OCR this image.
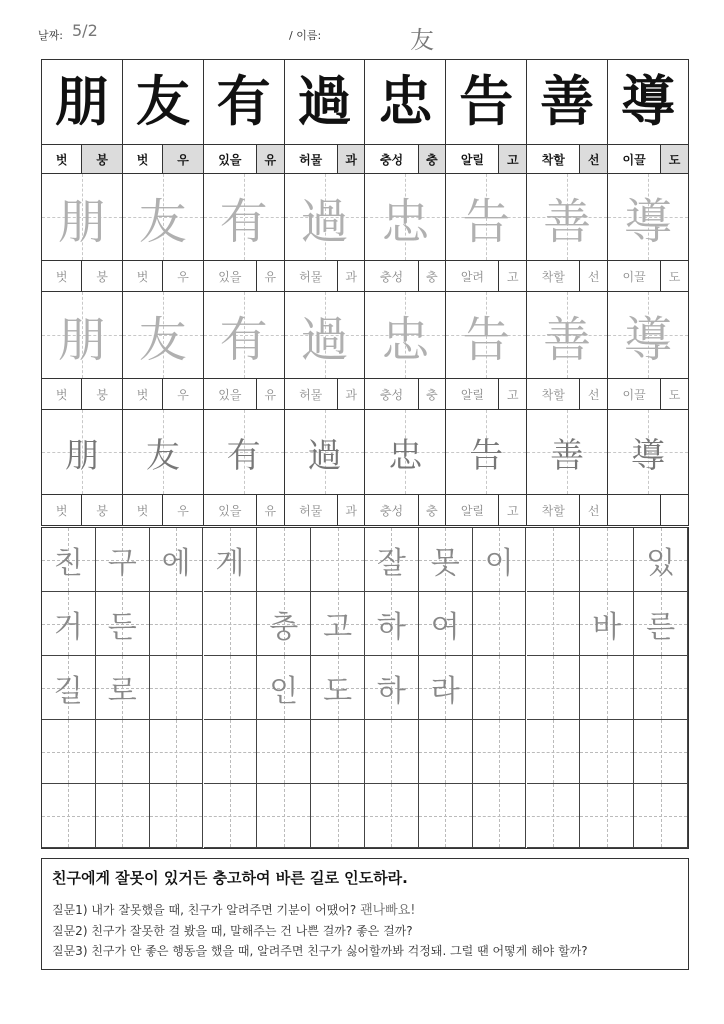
날짜: 5/2	/ 이름:	友
朋		友		有		過		忠		告		善		導	

벗	붕	벗	우	있을	유	허물	과	충성	충	알릴	고	착할	선	이끌	도
朋		友		有		過		忠		告		善		導	
벗	붕	벗	우	있을	유	허물	과	충성	충	알려	고	착할	선	이끌	도
朋		友		有		過		忠		告		善		導	
벗	붕	벗	우	있을	유	허물	과	충성	충	알릴	고	착할	선	이끌	도
朋		友		有		過		忠		告		善		導	
벗	붕	벗	우	있을	유	허물	과	충성	충	알릴	고	착할	선		
친 구 에 게	잘 못 이	있
거 든	충 고 하 여	바 른
길 로	인 도 하 라
친구에게 잘못이 있거든 충고하여 바른 길로 인도하라.
질문1) 내가 잘못했을 때, 친구가 알려주면 기분이 어땠어? 괜나빠요!
질문2) 친구가 잘못한 걸 봤을 때, 말해주는 건 나쁜 걸까? 좋은 걸까?
질문3) 친구가 안 좋은 행동을 했을 때, 알려주면 친구가 싫어할까봐 걱정돼. 그럴 땐 어떻게 해야 할까?
